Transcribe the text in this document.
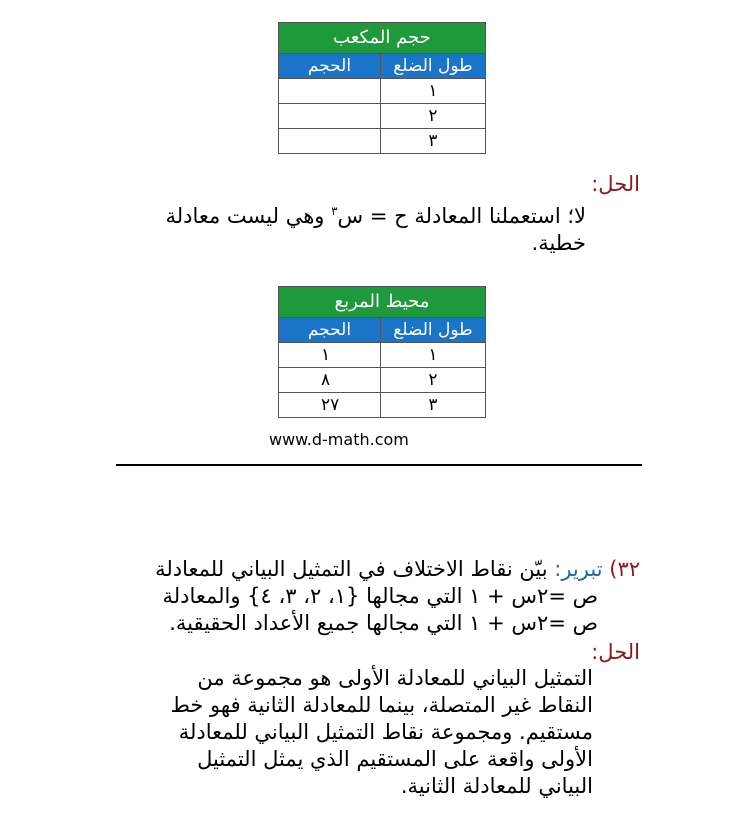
حجم المكعب	
طول الضلع	الحجم
١	
٢	
٣	
الحل:
لا؛ استعملنا المعادلة ح = س$^٣$ وهي ليست معادلة خطية.
محيط المربع	
طول الضلع	الحجم
١	١
٢	٨
٣	٢٧
www.d-math.com
٣٢) تبرير: بيّن نقاط الاختلاف في التمثيل البياني للمعادلة
ص =٢س + ١ التي مجالها {١، ٢، ٣، ٤} والمعادلة
ص =٢س + ١ التي مجالها جميع الأعداد الحقيقية.
الحل:
التمثيل البياني للمعادلة الأولى هو مجموعة من النقاط غير المتصلة، بينما للمعادلة الثانية فهو خط مستقيم. ومجموعة نقاط التمثيل البياني للمعادلة الأولى واقعة على المستقيم الذي يمثل التمثيل البياني للمعادلة الثانية.
